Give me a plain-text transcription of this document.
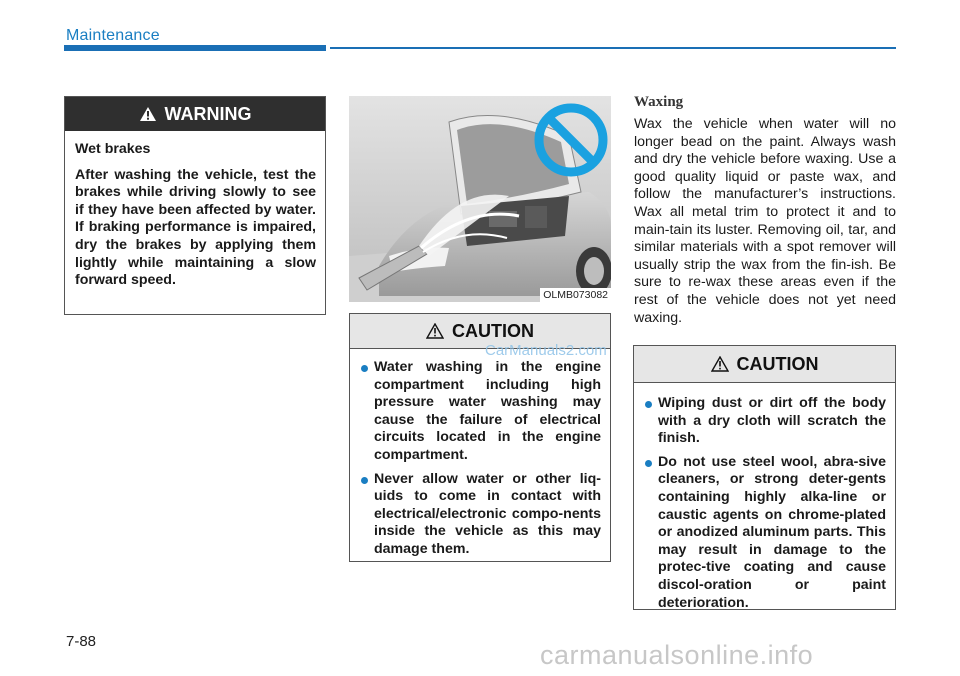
Maintenance
WARNING

Wet brakes

After washing the vehicle, test the brakes while driving slowly to see if they have been affected by water. If braking performance is impaired, dry the brakes by applying them lightly while maintaining a slow forward speed.

OLMB073082
CAUTION
Water washing in the engine compartment including high pressure water washing may cause the failure of electrical circuits located in the engine compartment.
Never allow water or other liq-uids to come in contact with electrical/electronic compo-nents inside the vehicle as this may damage them.
Waxing

Wax the vehicle when water will no longer bead on the paint. Always wash and dry the vehicle before waxing. Use a good quality liquid or paste wax, and follow the manufacturer’s instructions. Wax all metal trim to protect it and to main-tain its luster. Removing oil, tar, and similar materials with a spot remover will usually strip the wax from the fin-ish. Be sure to re-wax these areas even if the rest of the vehicle does not yet need waxing.

CAUTION
Wiping dust or dirt off the body with a dry cloth will scratch the finish.
Do not use steel wool, abra-sive cleaners, or strong deter-gents containing highly alka-line or caustic agents on chrome-plated or anodized aluminum parts. This may result in damage to the protec-tive coating and cause discol-oration or paint deterioration.
CarManuals2.com
7-88	carmanualsonline.info
